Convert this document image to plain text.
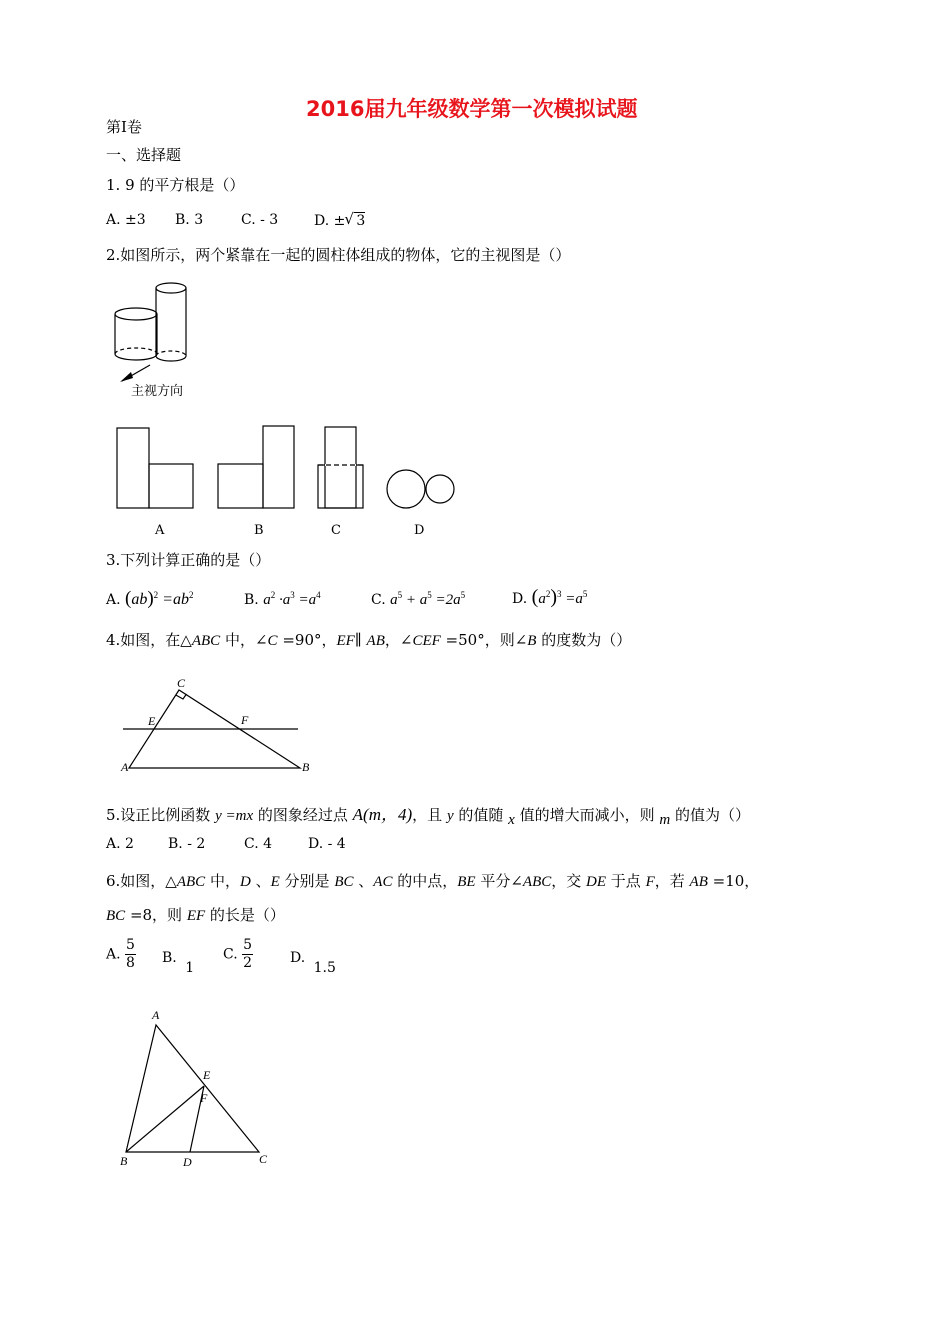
2016届九年级数学第一次模拟试题
第Ⅰ卷
一、选择题
1. 9 的平方根是（）
A. ±3 B. 3	C. - 3	D. ± √ 3
2.如图所示，两个紧靠在一起的圆柱体组成的物体，它的主视图是（）
主视方向
A	B	C	D
3.下列计算正确的是（）
A. $(ab)^2 =ab^2$	B. $a^2 \cdot a^3 =a^4$	C. $a^5 + a^5 =2a^5$	D. $(a^2)^3 =a^5$
4.如图，在△ABC 中，∠C =90°，EF∥ AB，∠CEF =50°，则∠B 的度数为（）
C
E	F
A	B
5.设正比例函数 y =mx 的图象经过点 A(m，4)，且 y 的值随 x 值的增大而减小，则 m 的值为（）
A. 2 B. - 2	C. 4	D. - 4
6.如图，△ABC 中，D 、E 分别是 BC 、AC 的中点，BE 平分∠ABC，交 DE 于点 F，若 AB =10，
BC =8，则 EF 的长是（）
A. $\frac{5}{8} B$. 1
C. $\frac{5}{2}$	D. 1.5
A
E
F
B	D	C
